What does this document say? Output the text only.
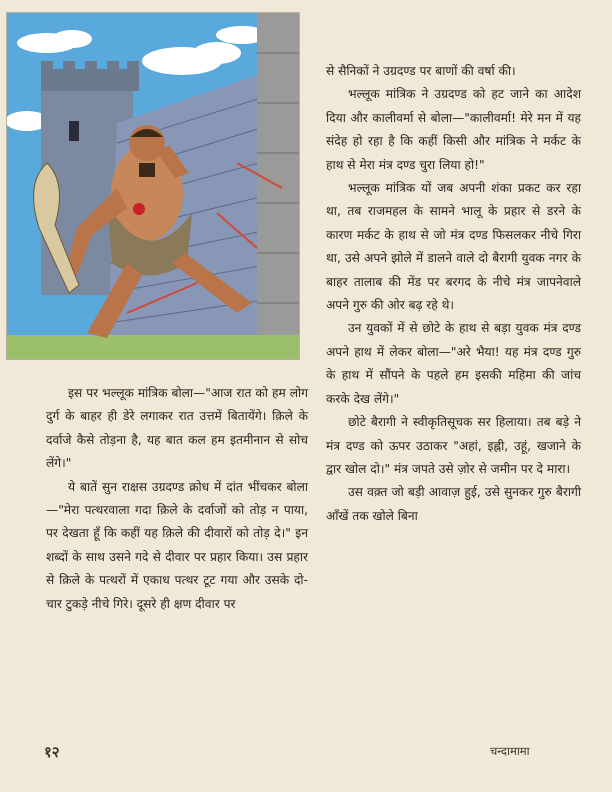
से सैनिकों ने उग्रदण्ड पर बाणों की वर्षा की।

भल्लूक मांत्रिक ने उग्रदण्ड को हट जाने का आदेश दिया और कालीवर्मा से बोला—"कालीवर्मा! मेरे मन में यह संदेह हो रहा है कि कहीं किसी और मांत्रिक ने मर्कट के हाथ से मेरा मंत्र दण्ड चुरा लिया हो!"

भल्लूक मांत्रिक यों जब अपनी शंका प्रकट कर रहा था, तब राजमहल के सामने भालू के प्रहार से डरने के कारण मर्कट के हाथ से जो मंत्र दण्ड फिसलकर नीचे गिरा था, उसे अपने झोले में डालने वाले दो बैरागी युवक नगर के बाहर तालाब की मेंड पर बरगद के नीचे मंत्र जापनेवाले अपने गुरु की ओर बढ़ रहे थे।

उन युवकों में से छोटे के हाथ से बड़ा युवक मंत्र दण्ड अपने हाथ में लेकर बोला—"अरे भैया! यह मंत्र दण्ड गुरु के हाथ में सौंपने के पहले हम इसकी महिमा की जांच करके देख लेंगे।"

छोटे बैरागी ने स्वीकृतिसूचक सर हिलाया। तब बड़े ने मंत्र दण्ड को ऊपर उठाकर "अहां, इह्नी, उहूं, खजाने के द्वार खोल दो।" मंत्र जपते उसे ज़ोर से जमीन पर दे मारा।

उस वक़्त जो बड़ी आवाज़ हुई, उसे सुनकर गुरु बैरागी आँखें तक खोले बिना

इस पर भल्लूक मांत्रिक बोला—"आज रात को हम लोग दुर्ग के बाहर ही डेरे लगाकर रात उत्तमें बितायेंगे। क़िले के दर्वाजे कैसे तोड़ना है, यह बात कल हम इतमीनान से सोच लेंगे।"

ये बातें सुन राक्षस उग्रदण्ड क्रोध में दांत भींचकर बोला—"मेरा पत्थरवाला गदा क़िले के दर्वाजों को तोड़ न पाया, पर देखता हूँ कि कहीं यह क़िले की दीवारों को तोड़ दे।" इन शब्दों के साथ उसने गदे से दीवार पर प्रहार किया। उस प्रहार से क़िले के पत्थरों में एकाध पत्थर टूट गया और उसके दो-चार टुकड़े नीचे गिरे। दूसरे ही क्षण दीवार पर

१२	चन्दामामा
